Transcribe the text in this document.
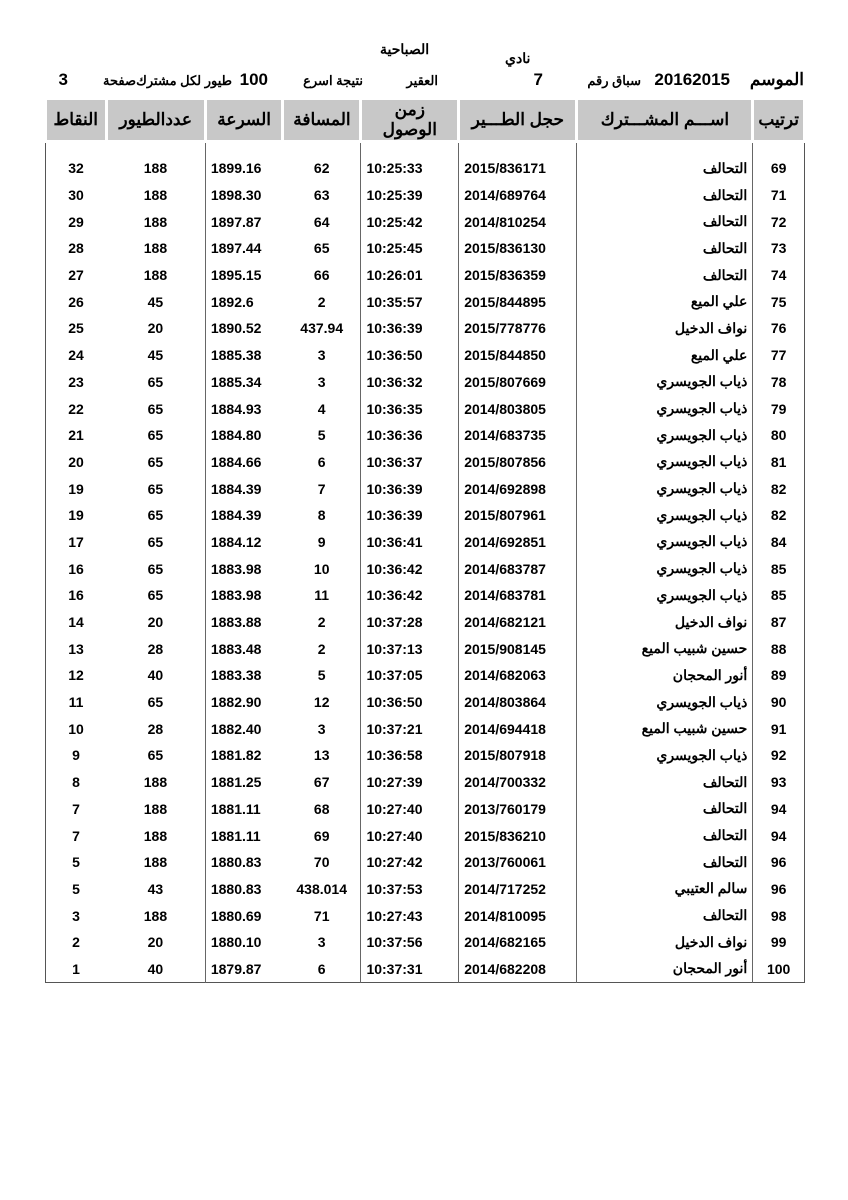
الصباحية
نادي
الموسم
20162015
سباق رقم
7
العقير
نتيجة اسرع
100
طيور لكل مشترك
صفحة
3
ترتيب	اســـم المشـــترك	حجل الطـــير	زمن الوصول	المسافة	السرعة	عددالطيور	النقاط

69	التحالف	2015/836171	10:25:33	62	1899.16	188	32
71	التحالف	2014/689764	10:25:39	63	1898.30	188	30
72	التحالف	2014/810254	10:25:42	64	1897.87	188	29
73	التحالف	2015/836130	10:25:45	65	1897.44	188	28
74	التحالف	2015/836359	10:26:01	66	1895.15	188	27
75	علي الميع	2015/844895	10:35:57	2	1892.6	45	26
76	نواف الدخيل	2015/778776	10:36:39	437.94	1890.52	20	25
77	علي الميع	2015/844850	10:36:50	3	1885.38	45	24
78	ذياب الجويسري	2015/807669	10:36:32	3	1885.34	65	23
79	ذياب الجويسري	2014/803805	10:36:35	4	1884.93	65	22
80	ذياب الجويسري	2014/683735	10:36:36	5	1884.80	65	21
81	ذياب الجويسري	2015/807856	10:36:37	6	1884.66	65	20
82	ذياب الجويسري	2014/692898	10:36:39	7	1884.39	65	19
82	ذياب الجويسري	2015/807961	10:36:39	8	1884.39	65	19
84	ذياب الجويسري	2014/692851	10:36:41	9	1884.12	65	17
85	ذياب الجويسري	2014/683787	10:36:42	10	1883.98	65	16
85	ذياب الجويسري	2014/683781	10:36:42	11	1883.98	65	16
87	نواف الدخيل	2014/682121	10:37:28	2	1883.88	20	14
88	حسين شبيب الميع	2015/908145	10:37:13	2	1883.48	28	13
89	أنور المحجان	2014/682063	10:37:05	5	1883.38	40	12
90	ذياب الجويسري	2014/803864	10:36:50	12	1882.90	65	11
91	حسين شبيب الميع	2014/694418	10:37:21	3	1882.40	28	10
92	ذياب الجويسري	2015/807918	10:36:58	13	1881.82	65	9
93	التحالف	2014/700332	10:27:39	67	1881.25	188	8
94	التحالف	2013/760179	10:27:40	68	1881.11	188	7
94	التحالف	2015/836210	10:27:40	69	1881.11	188	7
96	التحالف	2013/760061	10:27:42	70	1880.83	188	5
96	سالم العتيبي	2014/717252	10:37:53	438.014	1880.83	43	5
98	التحالف	2014/810095	10:27:43	71	1880.69	188	3
99	نواف الدخيل	2014/682165	10:37:56	3	1880.10	20	2
100	أنور المحجان	2014/682208	10:37:31	6	1879.87	40	1
